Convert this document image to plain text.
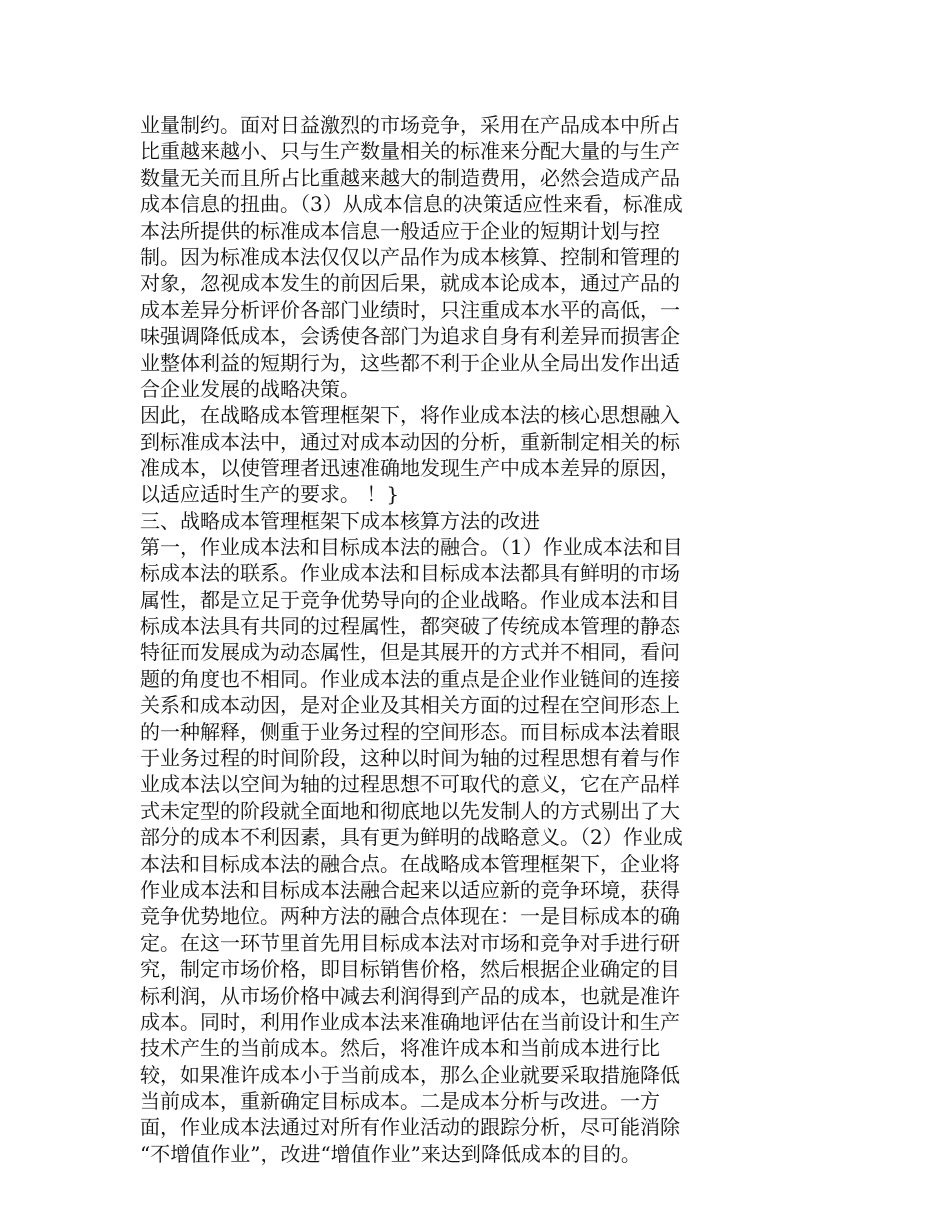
业量制约。面对日益激烈的市场竞争，采用在产品成本中所占
比重越来越小、只与生产数量相关的标准来分配大量的与生产
数量无关而且所占比重越来越大的制造费用，必然会造成产品
成本信息的扭曲。（3）从成本信息的决策适应性来看，标准成
本法所提供的标准成本信息一般适应于企业的短期计划与控
制。因为标准成本法仅仅以产品作为成本核算、控制和管理的
对象，忽视成本发生的前因后果，就成本论成本，通过产品的
成本差异分析评价各部门业绩时，只注重成本水平的高低，一
味强调降低成本，会诱使各部门为追求自身有利差异而损害企
业整体利益的短期行为，这些都不利于企业从全局出发作出适
合企业发展的战略决策。
因此，在战略成本管理框架下，将作业成本法的核心思想融入
到标准成本法中，通过对成本动因的分析，重新制定相关的标
准成本，以使管理者迅速准确地发现生产中成本差异的原因，
以适应适时生产的要求。 ！}
三、战略成本管理框架下成本核算方法的改进
第一，作业成本法和目标成本法的融合。（1）作业成本法和目
标成本法的联系。作业成本法和目标成本法都具有鲜明的市场
属性，都是立足于竞争优势导向的企业战略。作业成本法和目
标成本法具有共同的过程属性，都突破了传统成本管理的静态
特征而发展成为动态属性，但是其展开的方式并不相同，看问
题的角度也不相同。作业成本法的重点是企业作业链间的连接
关系和成本动因，是对企业及其相关方面的过程在空间形态上
的一种解释，侧重于业务过程的空间形态。而目标成本法着眼
于业务过程的时间阶段，这种以时间为轴的过程思想有着与作
业成本法以空间为轴的过程思想不可取代的意义，它在产品样
式未定型的阶段就全面地和彻底地以先发制人的方式剔出了大
部分的成本不利因素，具有更为鲜明的战略意义。（2）作业成
本法和目标成本法的融合点。在战略成本管理框架下，企业将
作业成本法和目标成本法融合起来以适应新的竞争环境，获得
竞争优势地位。两种方法的融合点体现在：一是目标成本的确
定。在这一环节里首先用目标成本法对市场和竞争对手进行研
究，制定市场价格，即目标销售价格，然后根据企业确定的目
标利润，从市场价格中减去利润得到产品的成本，也就是准许
成本。同时，利用作业成本法来准确地评估在当前设计和生产
技术产生的当前成本。然后，将准许成本和当前成本进行比
较，如果准许成本小于当前成本，那么企业就要采取措施降低
当前成本，重新确定目标成本。二是成本分析与改进。一方
面，作业成本法通过对所有作业活动的跟踪分析，尽可能消除
“不增值作业”，改进“增值作业”来达到降低成本的目的。
